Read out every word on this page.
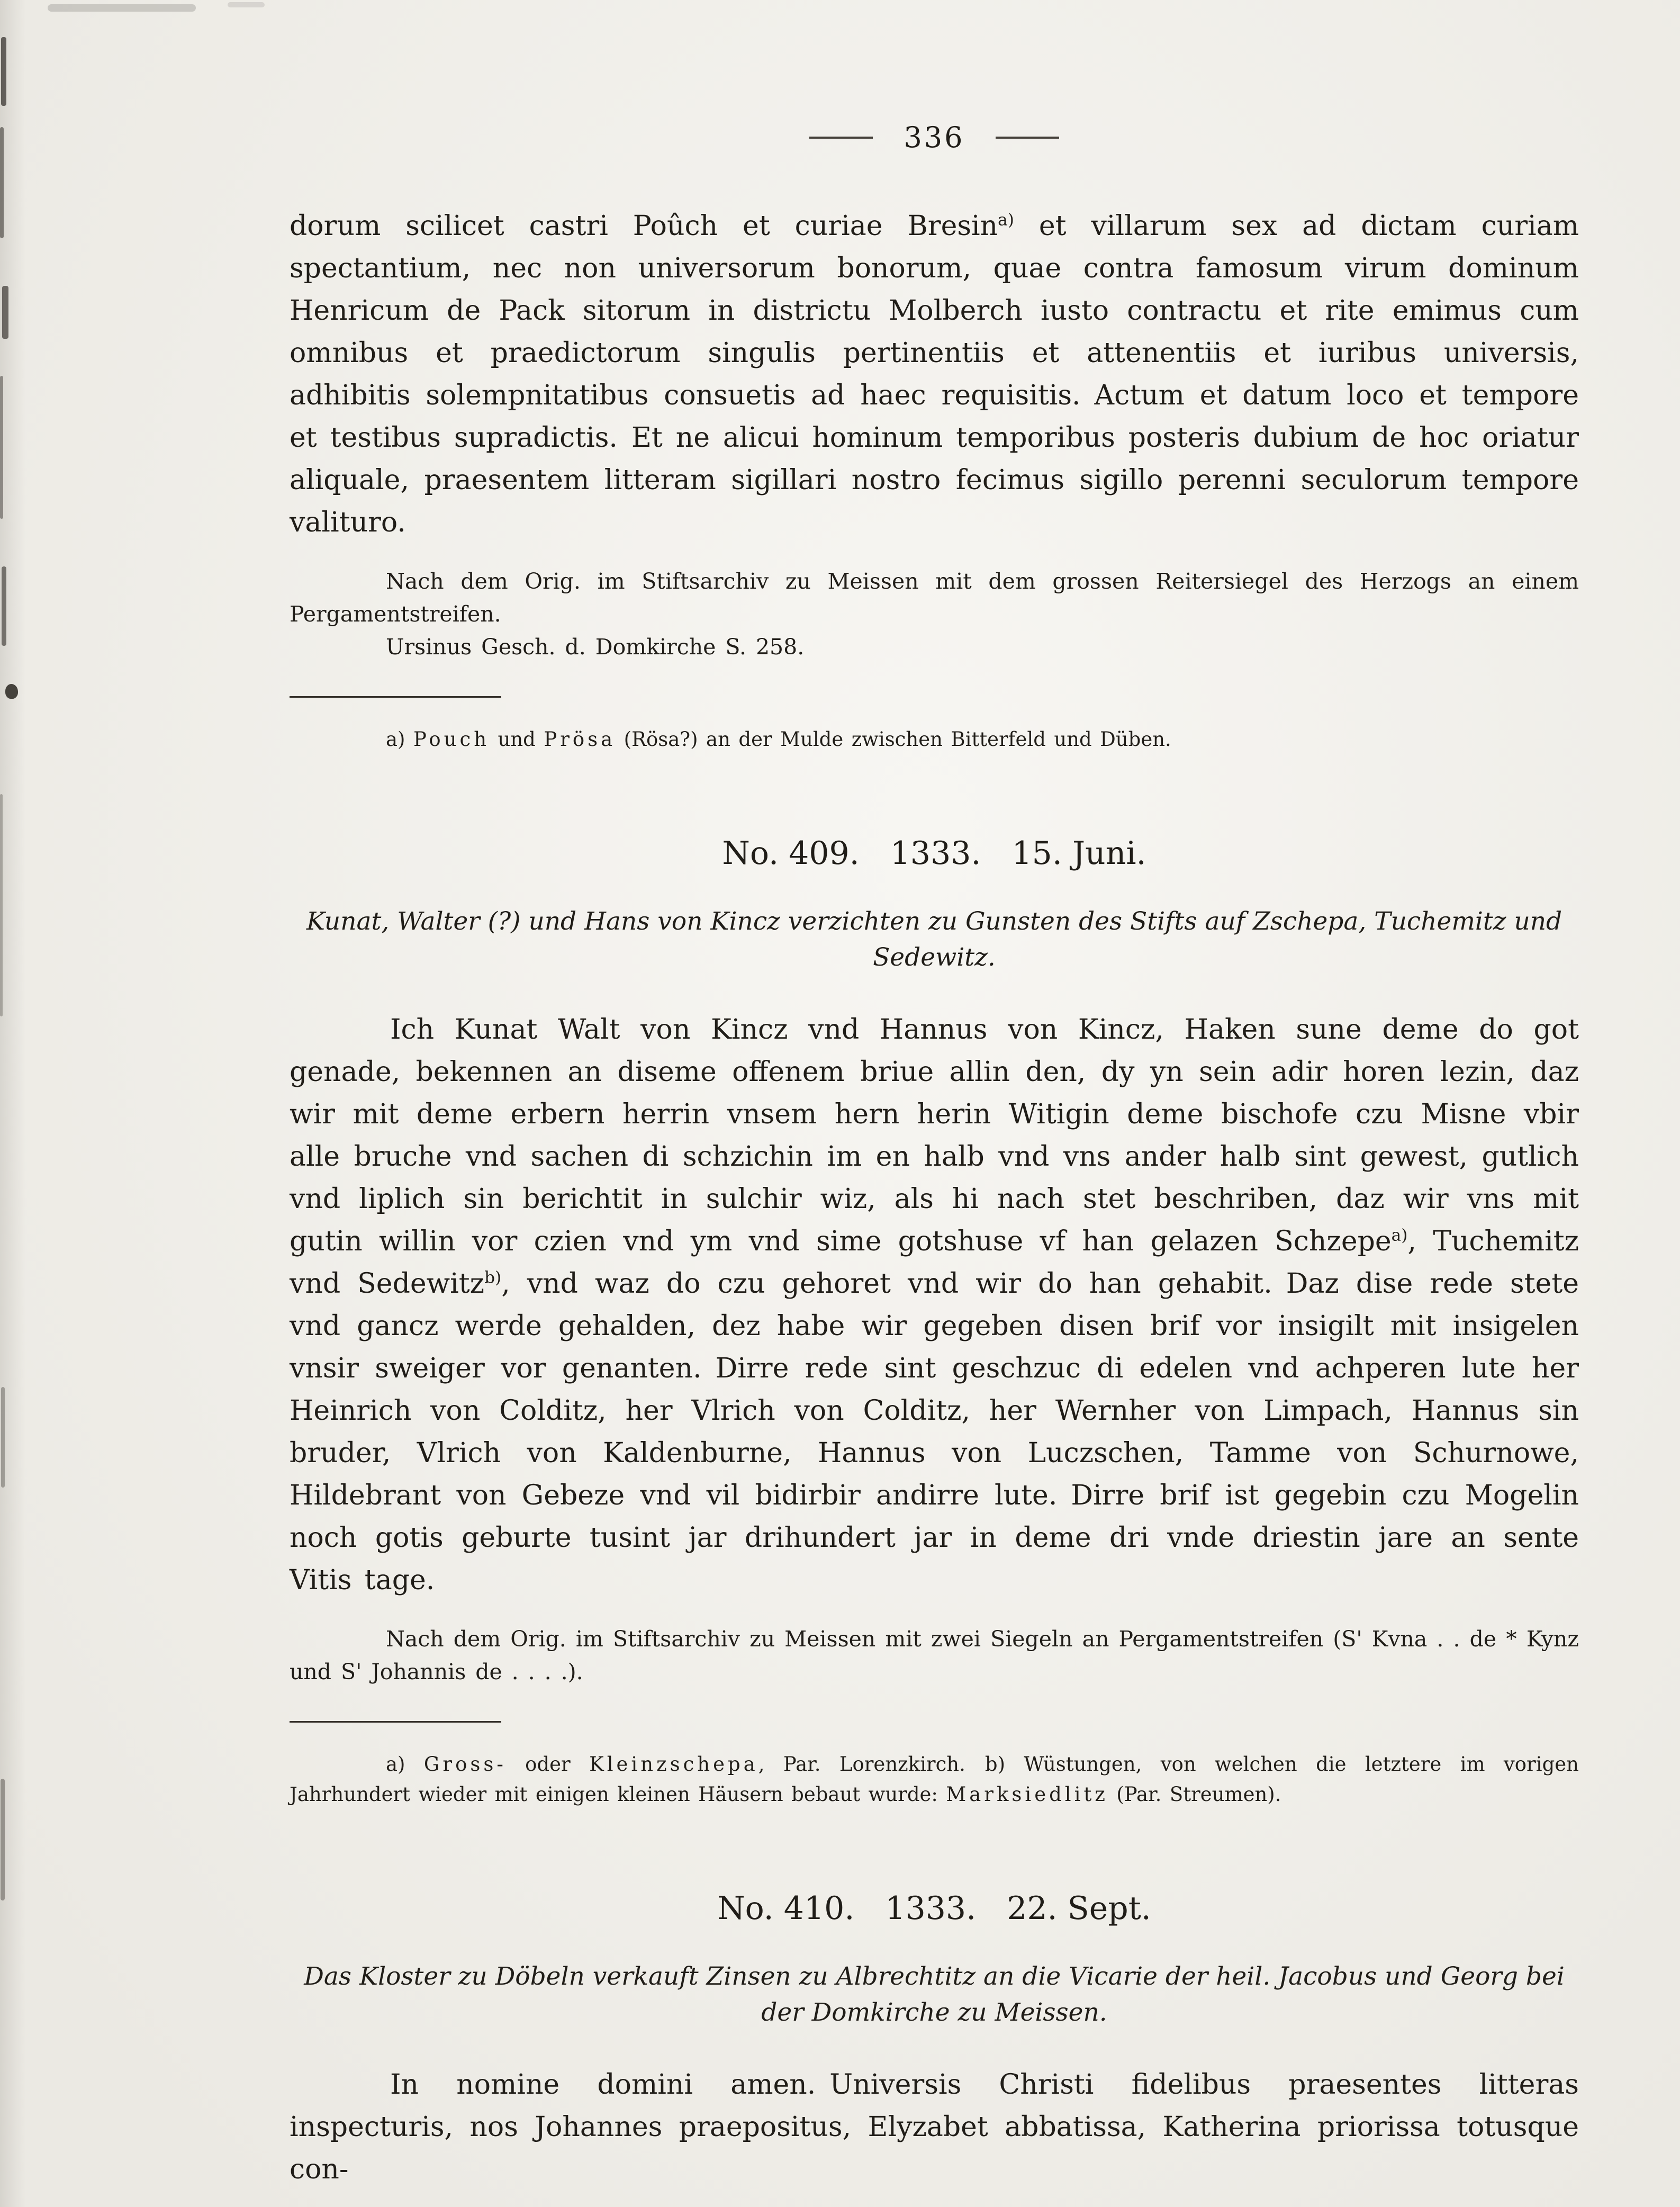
336

dorum scilicet castri Poûch et curiae Bresin$^{a)}$ et villarum sex ad dictam curiam spectantium, nec non universorum bonorum, quae contra famosum virum dominum Henricum de Pack sitorum in districtu Molberch iusto contractu et rite emimus cum omnibus et praedictorum singulis pertinentiis et attenentiis et iuribus universis, adhibitis solempnitatibus consuetis ad haec requisitis. Actum et datum loco et tempore et testibus supradictis. Et ne alicui hominum temporibus posteris dubium de hoc oriatur aliquale, praesentem litteram sigillari nostro fecimus sigillo perenni seculorum tempore valituro.

Nach dem Orig. im Stiftsarchiv zu Meissen mit dem grossen Reitersiegel des Herzogs an einem Pergamentstreifen.

Ursinus Gesch. d. Domkirche S. 258.

a) Pouch und Prösa (Rösa?) an der Mulde zwischen Bitterfeld und Düben.

No. 409. 1333. 15. Juni.

Kunat, Walter (?) und Hans von Kincz verzichten zu Gunsten des Stifts auf Zschepa, Tuchemitz und Sedewitz.

Ich Kunat Walt von Kincz vnd Hannus von Kincz, Haken sune deme do got genade, bekennen an diseme offenem briue allin den, dy yn sein adir horen lezin, daz wir mit deme erbern herrin vnsem hern herin Witigin deme bischofe czu Misne vbir alle bruche vnd sachen di schzichin im en halb vnd vns ander halb sint gewest, gutlich vnd liplich sin berichtit in sulchir wiz, als hi nach stet beschriben, daz wir vns mit gutin willin vor czien vnd ym vnd sime gotshuse vf han gelazen Schzepe$^{a)}$, Tuchemitz vnd Sedewitz$^{b)}$, vnd waz do czu gehoret vnd wir do han gehabit. Daz dise rede stete vnd gancz werde gehalden, dez habe wir gegeben disen brif vor insigilt mit insigelen vnsir sweiger vor genanten. Dirre rede sint geschzuc di edelen vnd achperen lute her Heinrich von Colditz, her Vlrich von Colditz, her Wernher von Limpach, Hannus sin bruder, Vlrich von Kaldenburne, Hannus von Luczschen, Tamme von Schurnowe, Hildebrant von Gebeze vnd vil bidirbir andirre lute. Dirre brif ist gegebin czu Mogelin noch gotis geburte tusint jar drihundert jar in deme dri vnde driestin jare an sente Vitis tage.

Nach dem Orig. im Stiftsarchiv zu Meissen mit zwei Siegeln an Pergamentstreifen (S' Kvna . . de * Kynz und S' Johannis de . . . .).

a) Gross- oder Kleinzschepa, Par. Lorenzkirch. b) Wüstungen, von welchen die letztere im vorigen Jahrhundert wieder mit einigen kleinen Häusern bebaut wurde: Marksiedlitz (Par. Streumen).

No. 410. 1333. 22. Sept.

Das Kloster zu Döbeln verkauft Zinsen zu Albrechtitz an die Vicarie der heil. Jacobus und Georg bei der Domkirche zu Meissen.

In nomine domini amen. Universis Christi fidelibus praesentes litteras inspecturis, nos Johannes praepositus, Elyzabet abbatissa, Katherina priorissa totusque con-
